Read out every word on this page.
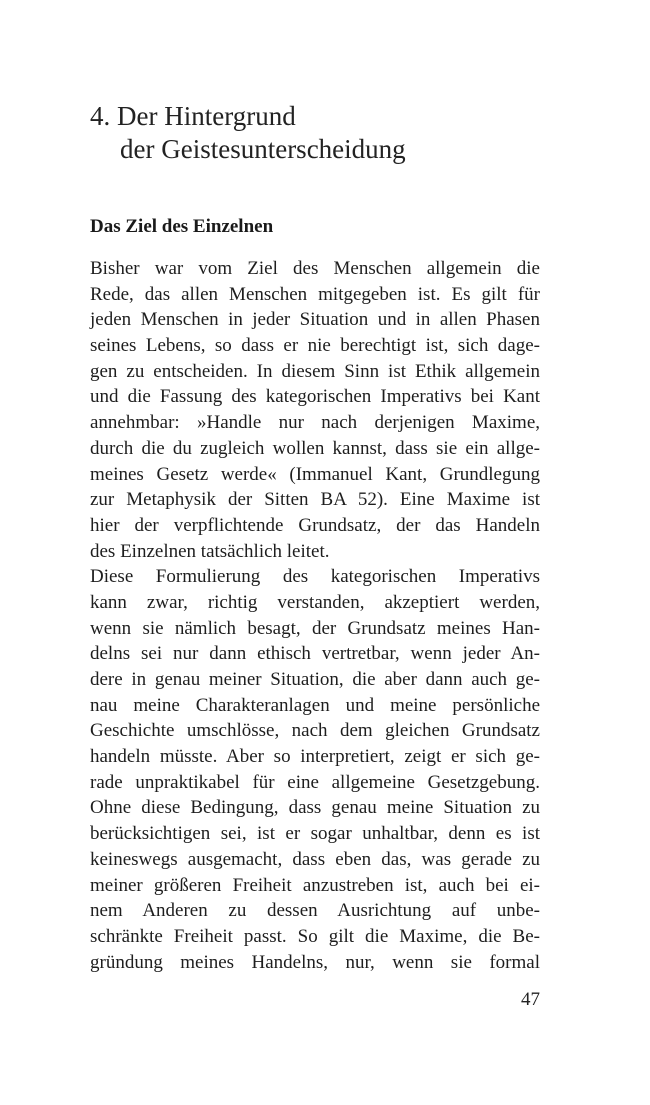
4. Der Hintergrund
der Geistesunterscheidung
Das Ziel des Einzelnen
Bisher war vom Ziel des Menschen allgemein die
Rede, das allen Menschen mitgegeben ist. Es gilt für
jeden Menschen in jeder Situation und in allen Phasen
seines Lebens, so dass er nie berechtigt ist, sich dage-
gen zu entscheiden. In diesem Sinn ist Ethik allgemein
und die Fassung des kategorischen Imperativs bei Kant
annehmbar: »Handle nur nach derjenigen Maxime,
durch die du zugleich wollen kannst, dass sie ein allge-
meines Gesetz werde« (Immanuel Kant, Grundlegung
zur Metaphysik der Sitten BA 52). Eine Maxime ist
hier der verpflichtende Grundsatz, der das Handeln
des Einzelnen tatsächlich leitet.
Diese Formulierung des kategorischen Imperativs
kann zwar, richtig verstanden, akzeptiert werden,
wenn sie nämlich besagt, der Grundsatz meines Han-
delns sei nur dann ethisch vertretbar, wenn jeder An-
dere in genau meiner Situation, die aber dann auch ge-
nau meine Charakteranlagen und meine persönliche
Geschichte umschlösse, nach dem gleichen Grundsatz
handeln müsste. Aber so interpretiert, zeigt er sich ge-
rade unpraktikabel für eine allgemeine Gesetzgebung.
Ohne diese Bedingung, dass genau meine Situation zu
berücksichtigen sei, ist er sogar unhaltbar, denn es ist
keineswegs ausgemacht, dass eben das, was gerade zu
meiner größeren Freiheit anzustreben ist, auch bei ei-
nem Anderen zu dessen Ausrichtung auf unbe-
schränkte Freiheit passt. So gilt die Maxime, die Be-
gründung meines Handelns, nur, wenn sie formal
47
